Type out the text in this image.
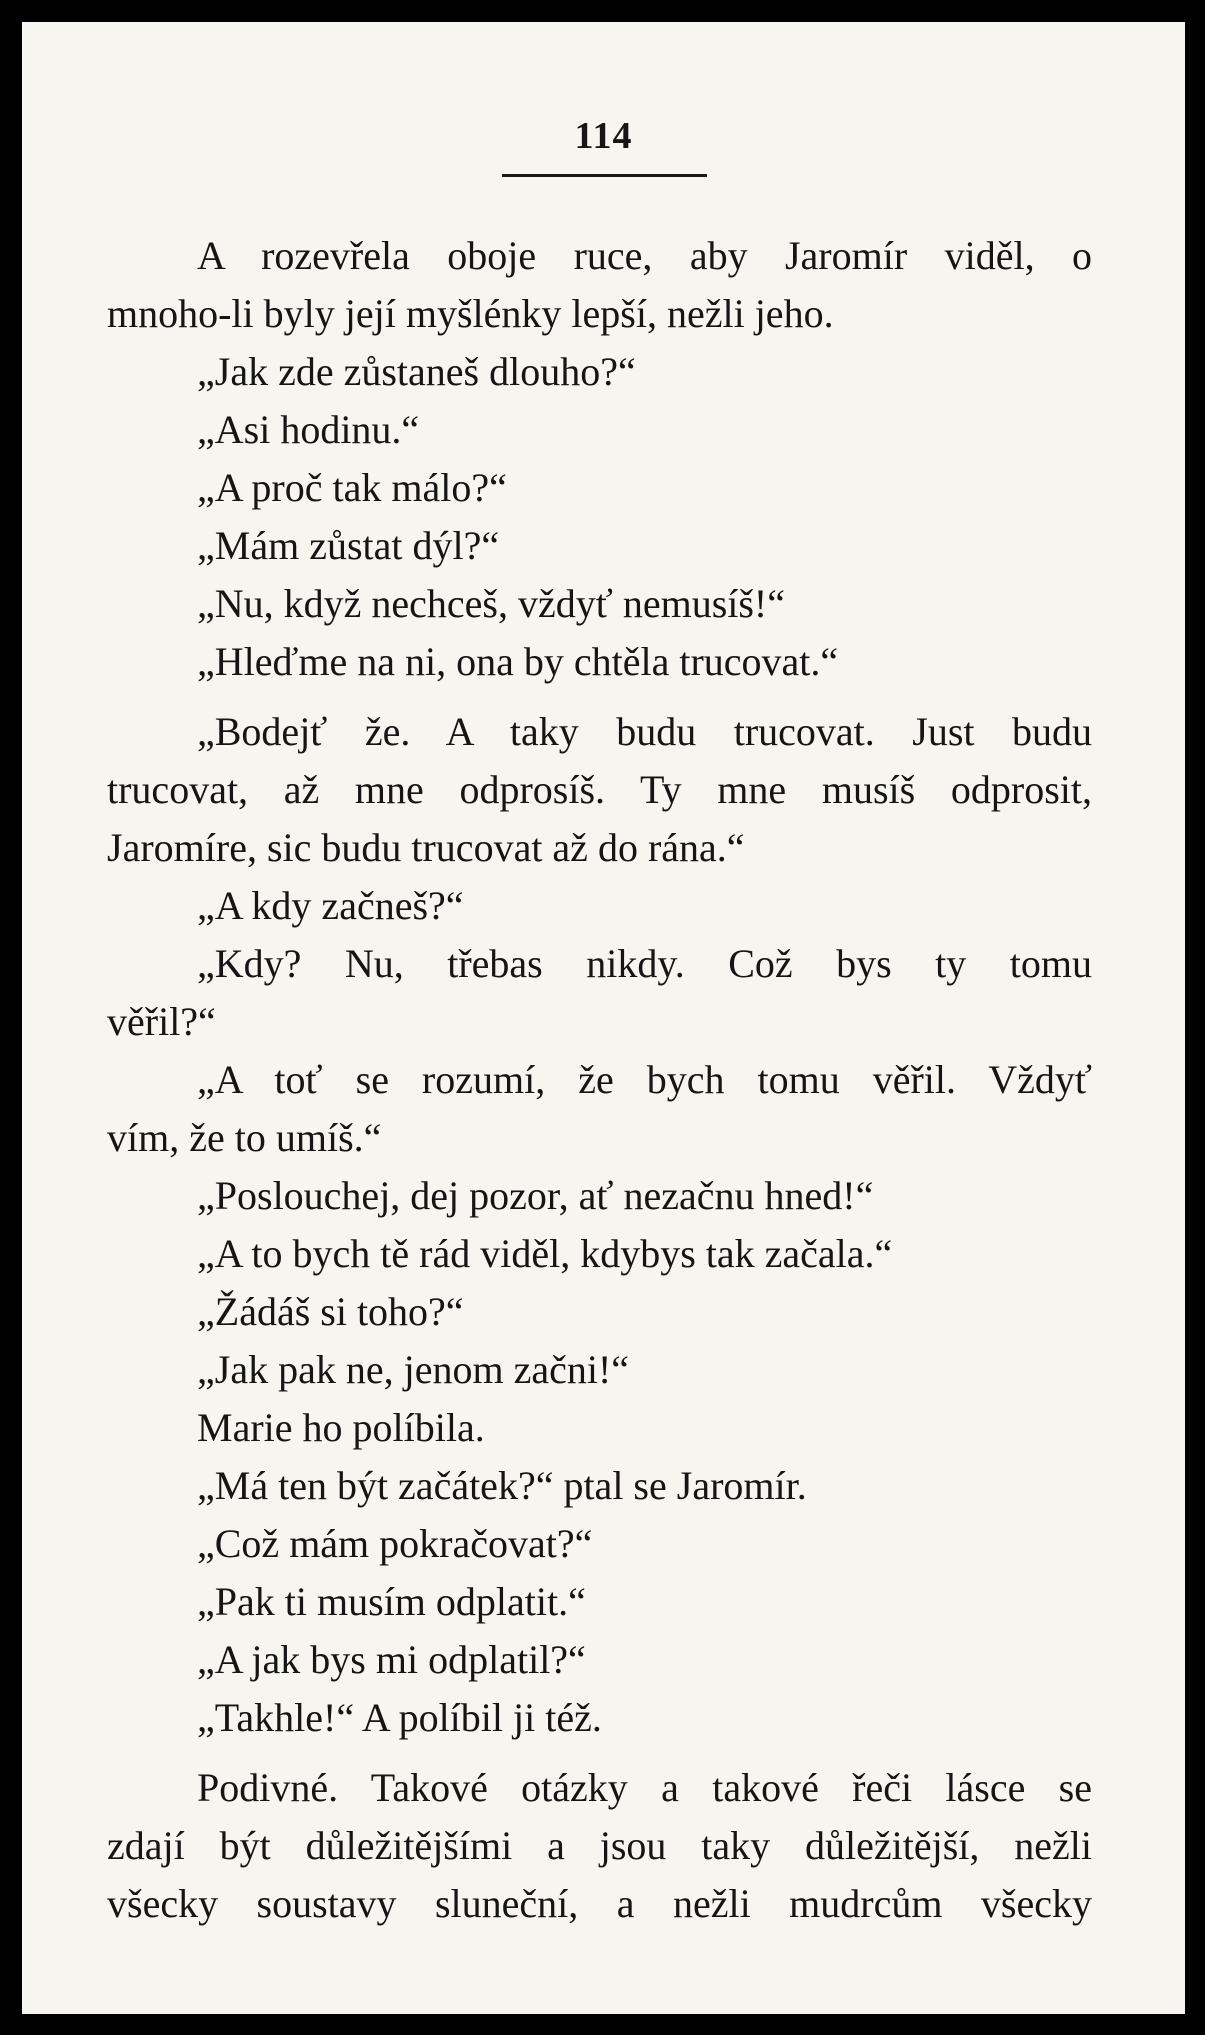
114
A rozevřela oboje ruce, aby Jaromír viděl, o
mnoho-li byly její myšlénky lepší, nežli jeho.
„Jak zde zůstaneš dlouho?“
„Asi hodinu.“
„A proč tak málo?“
„Mám zůstat dýl?“
„Nu, když nechceš, vždyť nemusíš!“
„Hleďme na ni, ona by chtěla trucovat.“
„Bodejť že. A taky budu trucovat. Just budu
trucovat, až mne odprosíš. Ty mne musíš odprosit,
Jaromíre, sic budu trucovat až do rána.“
„A kdy začneš?“
„Kdy? Nu, třebas nikdy. Což bys ty tomu
věřil?“
„A toť se rozumí, že bych tomu věřil. Vždyť
vím, že to umíš.“
„Poslouchej, dej pozor, ať nezačnu hned!“
„A to bych tě rád viděl, kdybys tak začala.“
„Žádáš si toho?“
„Jak pak ne, jenom začni!“
Marie ho políbila.
„Má ten být začátek?“ ptal se Jaromír.
„Což mám pokračovat?“
„Pak ti musím odplatit.“
„A jak bys mi odplatil?“
„Takhle!“ A políbil ji též.
Podivné. Takové otázky a takové řeči lásce se
zdají být důležitějšími a jsou taky důležitější, nežli
všecky soustavy sluneční, a nežli mudrcům všecky
